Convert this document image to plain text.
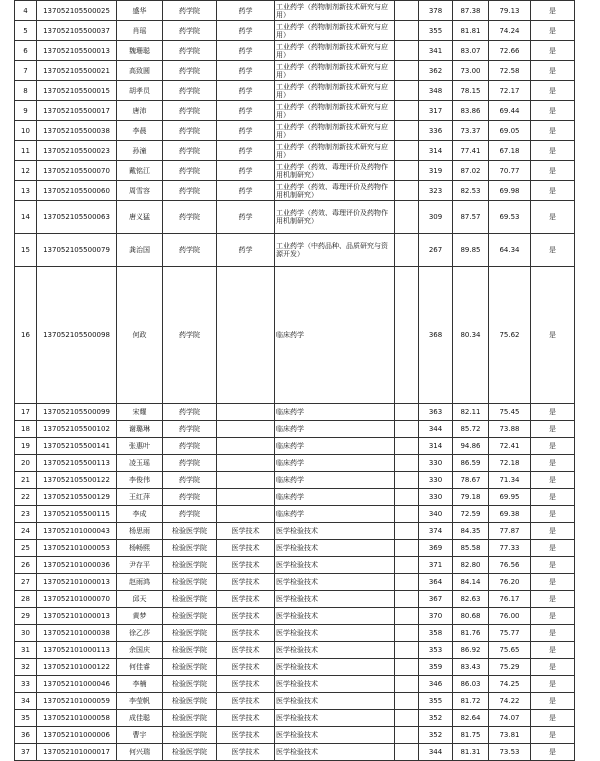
4	137052105500025	盛华	药学院	药学	工业药学（药物制剂新技术研究与应用）		378	87.38	79.13	是	
5	137052105500037	肖瑶	药学院	药学	工业药学（药物制剂新技术研究与应用）		355	81.81	74.24	是	
6	137052105500013	魏珊聪	药学院	药学	工业药学（药物制剂新技术研究与应用）		341	83.07	72.66	是	
7	137052105500021	高致圆	药学院	药学	工业药学（药物制剂新技术研究与应用）		362	73.00	72.58	是	
8	137052105500015	胡孝员	药学院	药学	工业药学（药物制剂新技术研究与应用）		348	78.15	72.17	是	
9	137052105500017	唐沛	药学院	药学	工业药学（药物制剂新技术研究与应用）		317	83.86	69.44	是	
10	137052105500038	李晨	药学院	药学	工业药学（药物制剂新技术研究与应用）		336	73.37	69.05	是	
11	137052105500023	孙潼	药学院	药学	工业药学（药物制剂新技术研究与应用）		314	77.41	67.18	是	
12	137052105500070	戴铭江	药学院	药学	工业药学（药效、毒理评价及药物作用机制研究）		319	87.02	70.77	是	
13	137052105500060	周雪容	药学院	药学	工业药学（药效、毒理评价及药物作用机制研究）		323	82.53	69.98	是	
14	137052105500063	唐义猛	药学院	药学	工业药学（药效、毒理评价及药物作用机制研究）		309	87.57	69.53	是	
15	137052105500079	龚治国	药学院	药学	工业药学（中药品种、品质研究与资源开发）		267	89.85	64.34	是	
16	137052105500098	何政	药学院		临床药学		368	80.34	75.62	是	
17	137052105500099	宋耀	药学院		临床药学		363	82.11	75.45	是	
18	137052105500102	谢璐琳	药学院		临床药学		344	85.72	73.88	是	
19	137052105500141	张惠叶	药学院		临床药学		314	94.86	72.41	是	
20	137052105500113	凌玉瑶	药学院		临床药学		330	86.59	72.18	是	
21	137052105500122	李俊伟	药学院		临床药学		330	78.67	71.34	是	
22	137052105500129	王红萍	药学院		临床药学		330	79.18	69.95	是	
23	137052105500115	李成	药学院		临床药学		340	72.59	69.38	是	
24	137052101000043	杨思雨	检验医学院	医学技术	医学检验技术		374	84.35	77.87	是	
25	137052101000053	杨畅熙	检验医学院	医学技术	医学检验技术		369	85.58	77.33	是	
26	137052101000036	尹存平	检验医学院	医学技术	医学检验技术		371	82.80	76.56	是	
27	137052101000013	赵雨鸿	检验医学院	医学技术	医学检验技术		364	84.14	76.20	是	
28	137052101000070	邱天	检验医学院	医学技术	医学检验技术		367	82.63	76.17	是	
29	137052101000013	黄梦	检验医学院	医学技术	医学检验技术		370	80.68	76.00	是	
30	137052101000038	徐乙莎	检验医学院	医学技术	医学检验技术		358	81.76	75.77	是	
31	137052101000113	余国庆	检验医学院	医学技术	医学检验技术		353	86.92	75.65	是	
32	137052101000122	何佳睿	检验医学院	医学技术	医学检验技术		359	83.43	75.29	是	
33	137052101000046	李楠	检验医学院	医学技术	医学检验技术		346	86.03	74.25	是	
34	137052101000059	李莹帆	检验医学院	医学技术	医学检验技术		355	81.72	74.22	是	
35	137052101000058	成佳聪	检验医学院	医学技术	医学检验技术		352	82.64	74.07	是	
36	137052101000006	曹宇	检验医学院	医学技术	医学检验技术		352	81.75	73.81	是	
37	137052101000017	何兴瑞	检验医学院	医学技术	医学检验技术		344	81.31	73.53	是	
